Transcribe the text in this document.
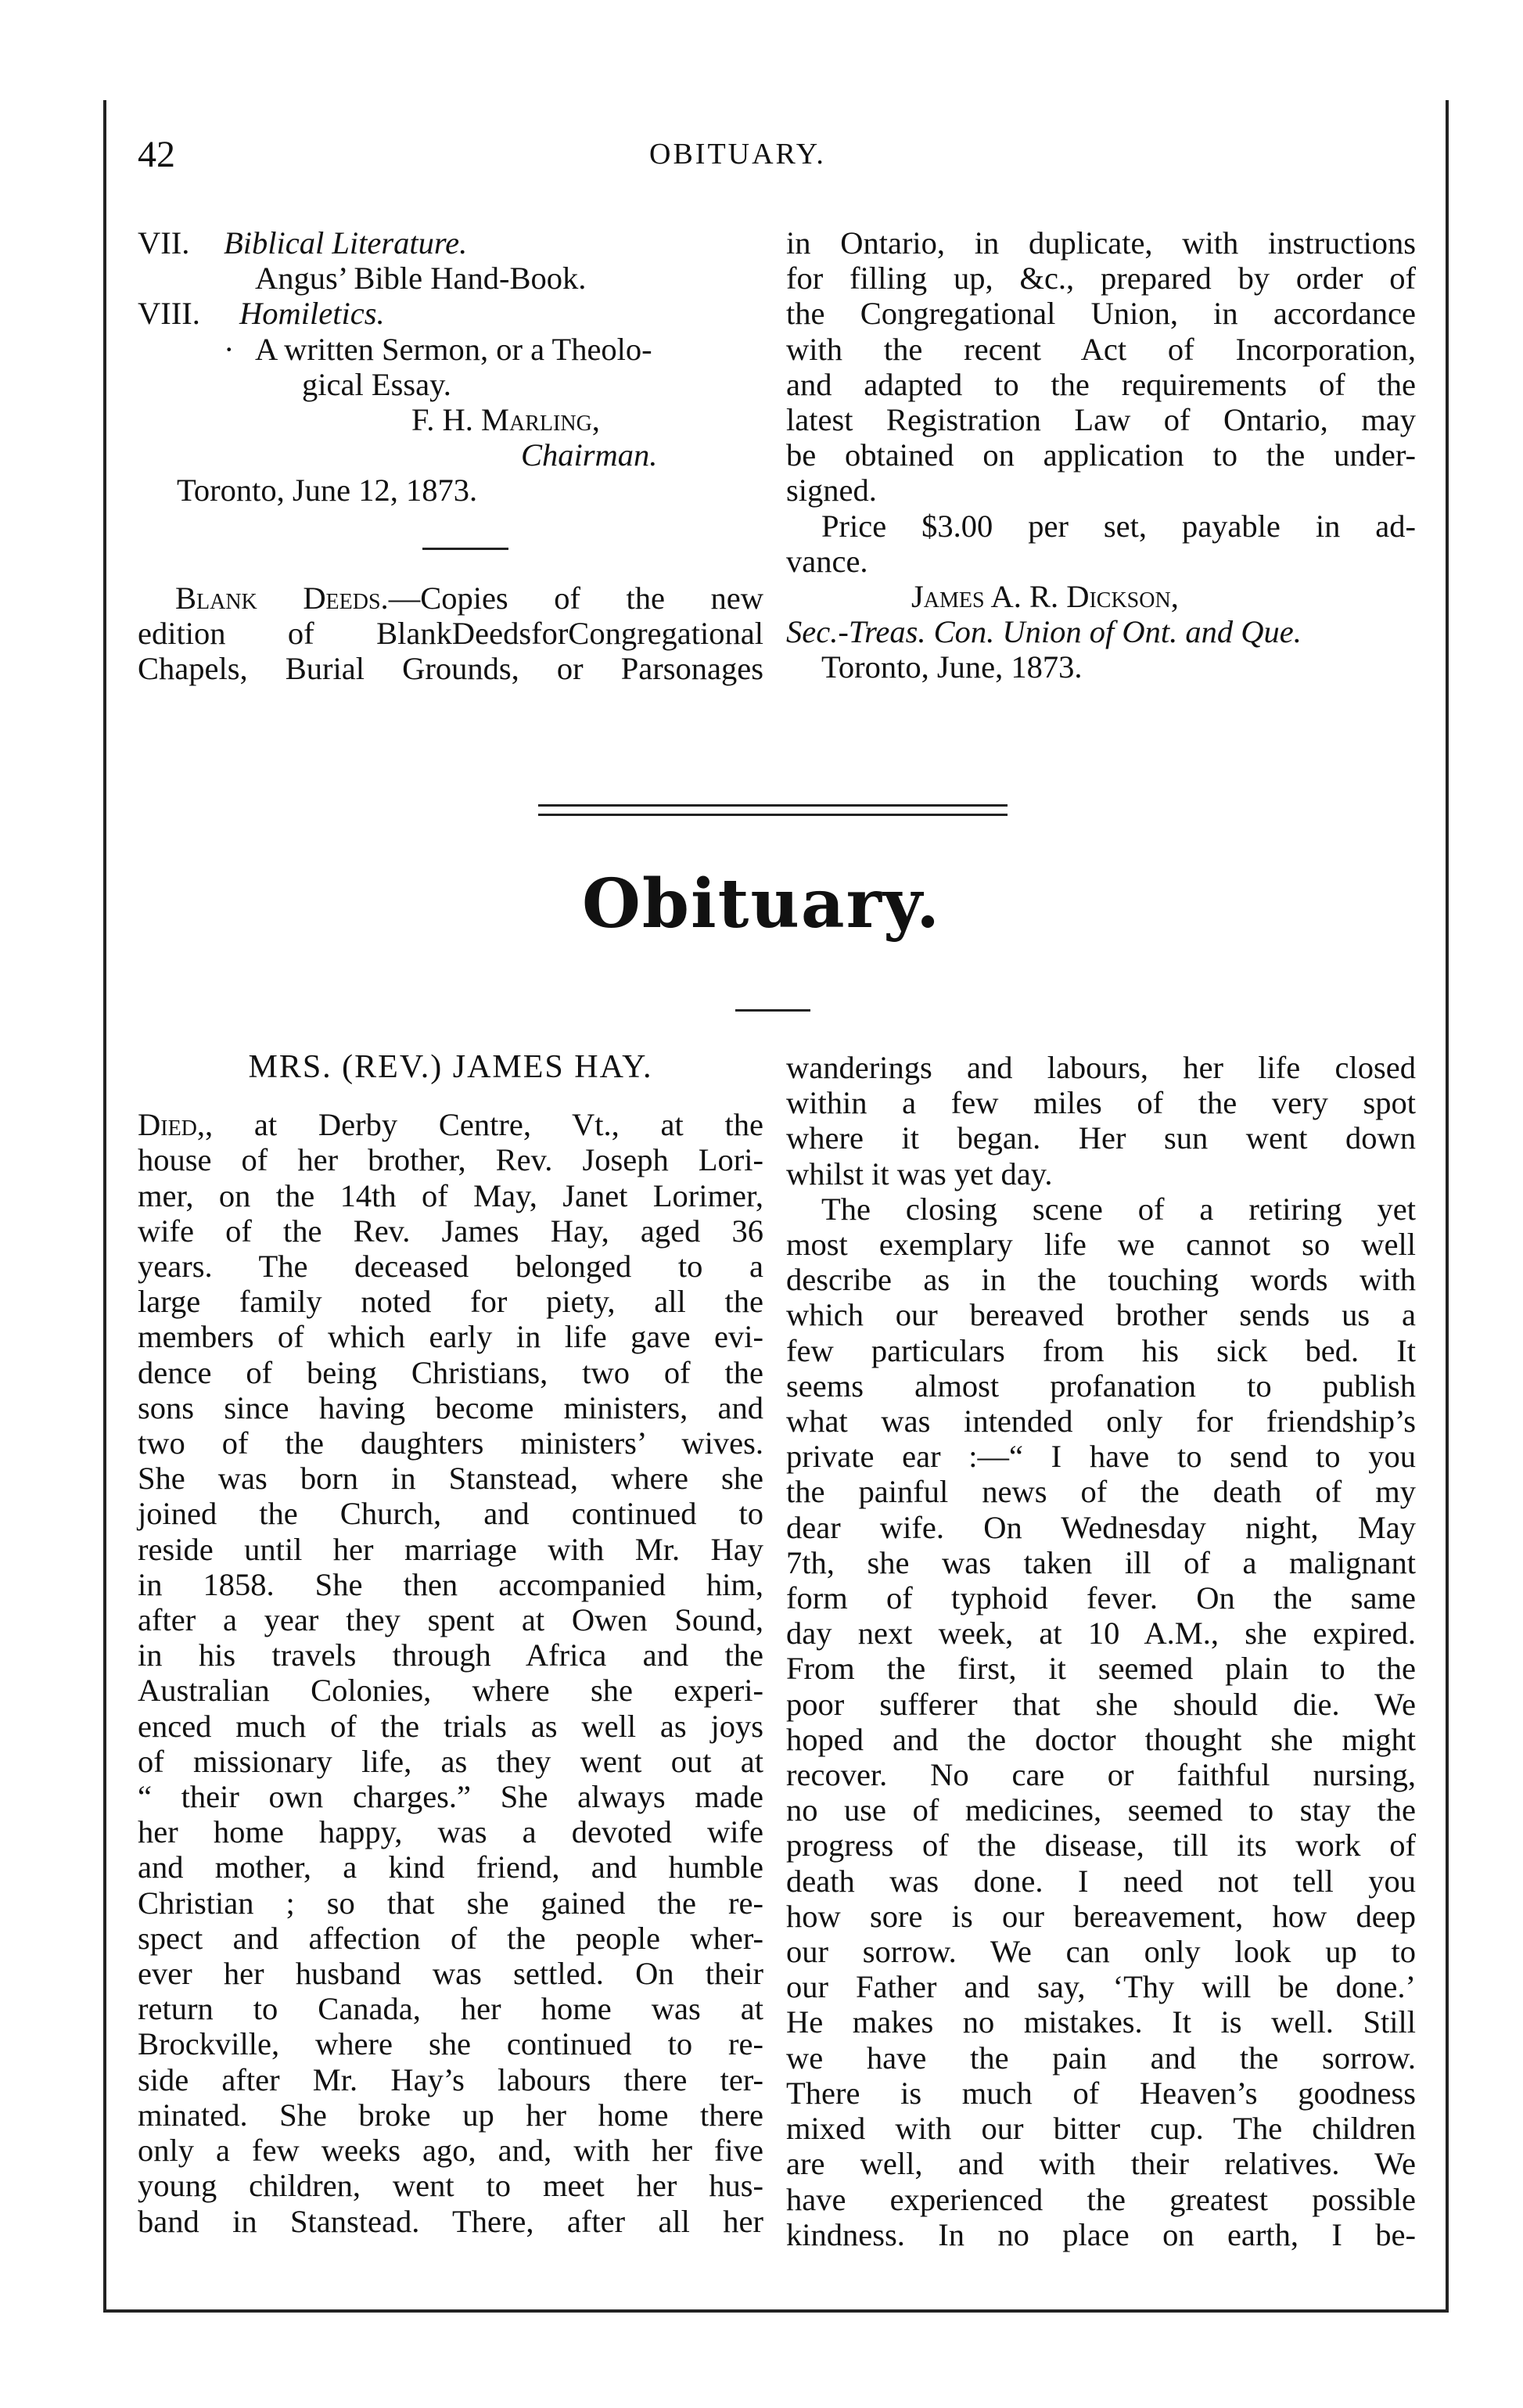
42	OBITUARY.

VII. Biblical Literature.

Angus’ Bible Hand-Book.

VIII. Homiletics.

· A written Sermon, or a Theolo-

gical Essay.

F. H. Marling,

Chairman.

Toronto, June 12, 1873.

Blank Deeds.—Copies of the new

edition of BlankDeedsforCongregational

Chapels, Burial Grounds, or Parsonages

in Ontario, in duplicate, with instructions

for filling up, &c., prepared by order of

the Congregational Union, in accordance

with the recent Act of Incorporation,

and adapted to the requirements of the

latest Registration Law of Ontario, may

be obtained on application to the under-

signed.

Price $3.00 per set, payable in ad-

vance.

James A. R. Dickson,

Sec.-Treas. Con. Union of Ont. and Que.

Toronto, June, 1873.

Obituary.

MRS. (REV.) JAMES HAY.

Died,, at Derby Centre, Vt., at the

house of her brother, Rev. Joseph Lori-

mer, on the 14th of May, Janet Lorimer,

wife of the Rev. James Hay, aged 36

years. The deceased belonged to a

large family noted for piety, all the

members of which early in life gave evi-

dence of being Christians, two of the

sons since having become ministers, and

two of the daughters ministers’ wives.

She was born in Stanstead, where she

joined the Church, and continued to

reside until her marriage with Mr. Hay

in 1858. She then accompanied him,

after a year they spent at Owen Sound,

in his travels through Africa and the

Australian Colonies, where she experi-

enced much of the trials as well as joys

of missionary life, as they went out at

“ their own charges.” She always made

her home happy, was a devoted wife

and mother, a kind friend, and humble

Christian ; so that she gained the re-

spect and affection of the people wher-

ever her husband was settled. On their

return to Canada, her home was at

Brockville, where she continued to re-

side after Mr. Hay’s labours there ter-

minated. She broke up her home there

only a few weeks ago, and, with her five

young children, went to meet her hus-

band in Stanstead. There, after all her

wanderings and labours, her life closed

within a few miles of the very spot

where it began. Her sun went down

whilst it was yet day.

The closing scene of a retiring yet

most exemplary life we cannot so well

describe as in the touching words with

which our bereaved brother sends us a

few particulars from his sick bed. It

seems almost profanation to publish

what was intended only for friendship’s

private ear :—“ I have to send to you

the painful news of the death of my

dear wife. On Wednesday night, May

7th, she was taken ill of a malignant

form of typhoid fever. On the same

day next week, at 10 A.M., she expired.

From the first, it seemed plain to the

poor sufferer that she should die. We

hoped and the doctor thought she might

recover. No care or faithful nursing,

no use of medicines, seemed to stay the

progress of the disease, till its work of

death was done. I need not tell you

how sore is our bereavement, how deep

our sorrow. We can only look up to

our Father and say, ‘Thy will be done.’

He makes no mistakes. It is well. Still

we have the pain and the sorrow.

There is much of Heaven’s goodness

mixed with our bitter cup. The children

are well, and with their relatives. We

have experienced the greatest possible

kindness. In no place on earth, I be-
